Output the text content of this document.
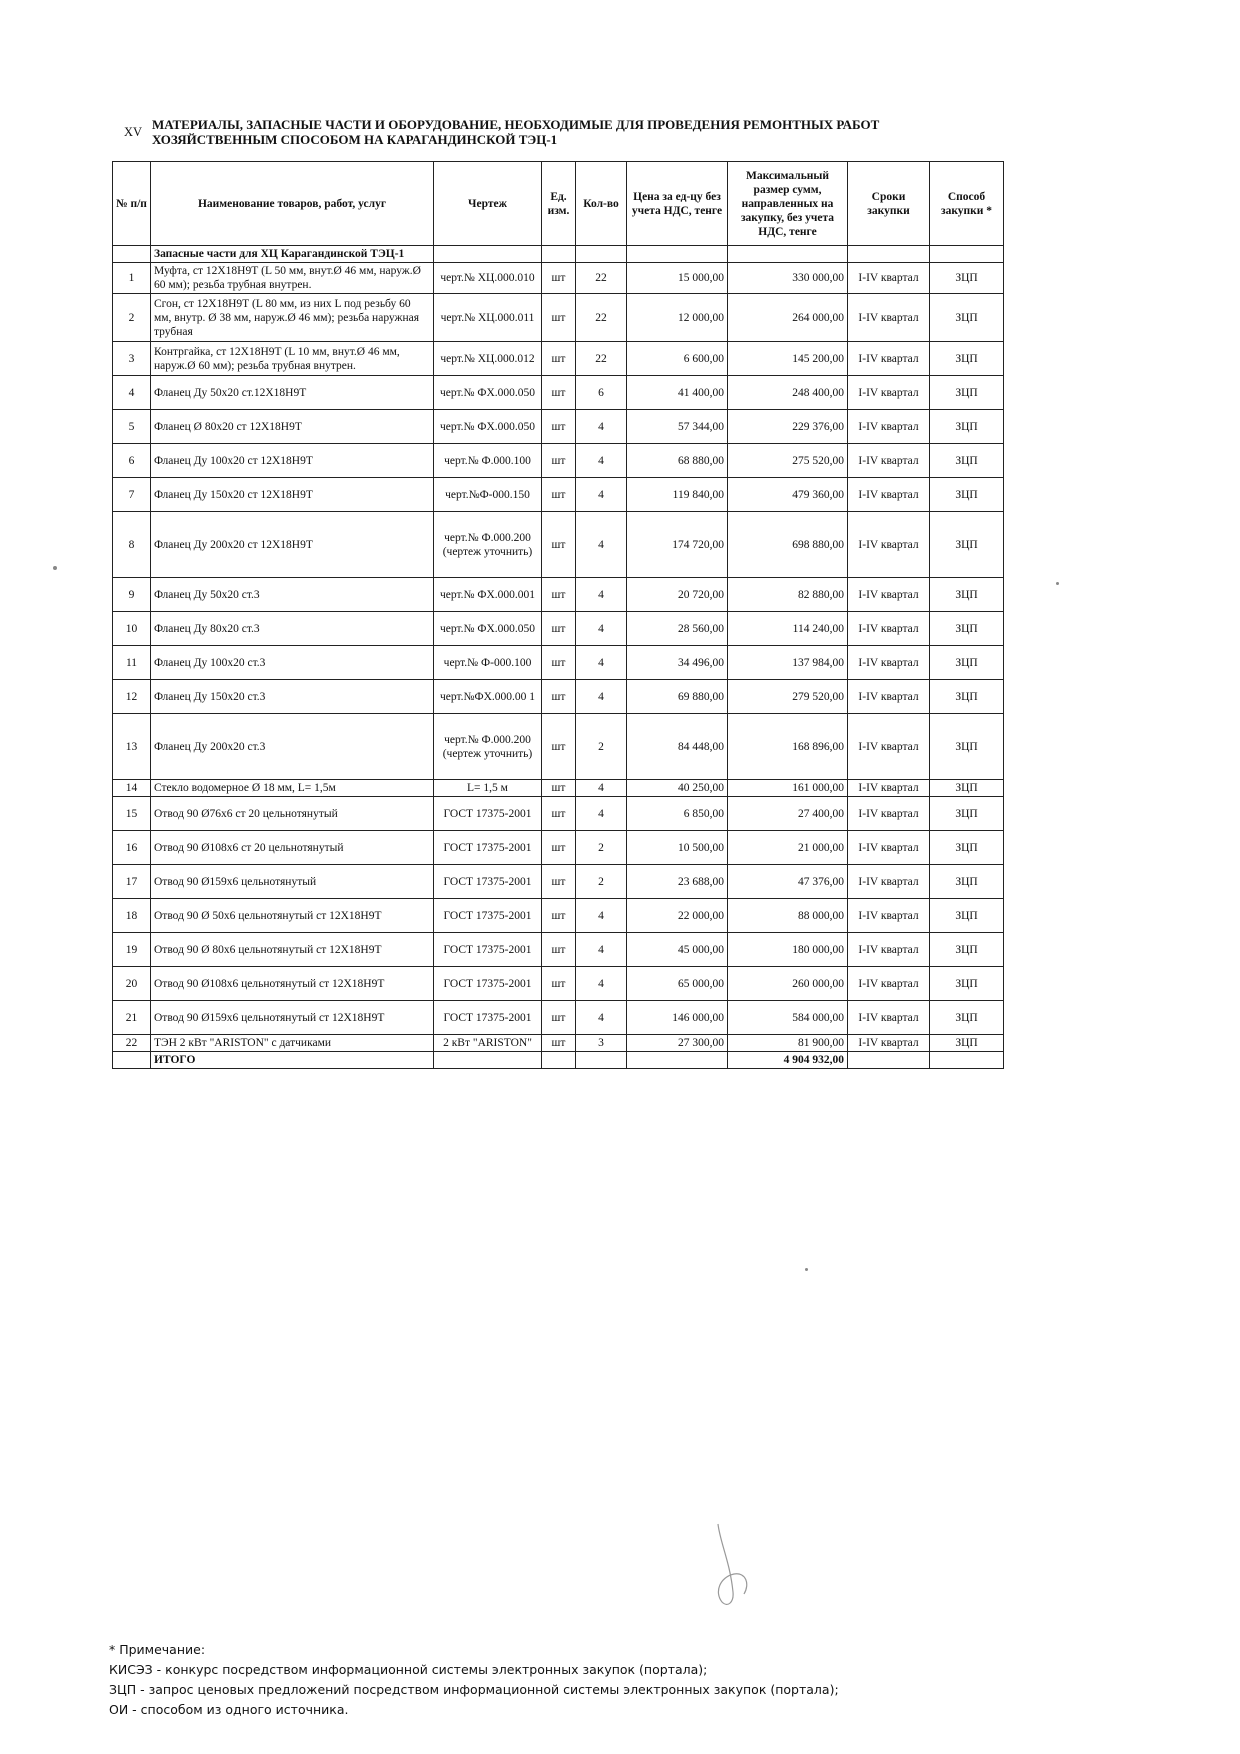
XV МАТЕРИАЛЫ, ЗАПАСНЫЕ ЧАСТИ И ОБОРУДОВАНИЕ, НЕОБХОДИМЫЕ ДЛЯ ПРОВЕДЕНИЯ РЕМОНТНЫХ РАБОТ
ХОЗЯЙСТВЕННЫМ СПОСОБОМ НА КАРАГАНДИНСКОЙ ТЭЦ-1
№ п/п	Наименование товаров, работ, услуг	Чертеж	Ед. изм.	Кол-во	Цена за ед-цу без учета НДС, тенге	Максимальный размер сумм, направленных на закупку, без учета НДС, тенге	Сроки закупки	Способ закупки *
	Запасные части для ХЦ Карагандинской ТЭЦ-1							
1	Муфта, ст 12Х18Н9Т (L 50 мм, внут.Ø 46 мм, наруж.Ø 60 мм); резьба трубная внутрен.	черт.№ ХЦ.000.010	шт	22	15 000,00	330 000,00	I-IV квартал	ЗЦП
2	Сгон, ст 12Х18Н9Т (L 80 мм, из них L под резьбу 60 мм, внутр. Ø 38 мм, наруж.Ø 46 мм); резьба наружная трубная	черт.№ ХЦ.000.011	шт	22	12 000,00	264 000,00	I-IV квартал	ЗЦП
3	Контргайка, ст 12Х18Н9Т (L 10 мм, внут.Ø 46 мм, наруж.Ø 60 мм); резьба трубная внутрен.	черт.№ ХЦ.000.012	шт	22	6 600,00	145 200,00	I-IV квартал	ЗЦП
4	Фланец Ду 50х20 ст.12Х18Н9Т	черт.№ ФХ.000.050	шт	6	41 400,00	248 400,00	I-IV квартал	ЗЦП
5	Фланец Ø 80х20 ст 12Х18Н9Т	черт.№ ФХ.000.050	шт	4	57 344,00	229 376,00	I-IV квартал	ЗЦП
6	Фланец Ду 100х20 ст 12Х18Н9Т	черт.№ Ф.000.100	шт	4	68 880,00	275 520,00	I-IV квартал	ЗЦП
7	Фланец Ду 150х20 ст 12Х18Н9Т	черт.№Ф-000.150	шт	4	119 840,00	479 360,00	I-IV квартал	ЗЦП
8	Фланец Ду 200х20 ст 12Х18Н9Т	черт.№ Ф.000.200 (чертеж уточнить)	шт	4	174 720,00	698 880,00	I-IV квартал	ЗЦП
9	Фланец Ду 50х20 ст.3	черт.№ ФХ.000.001	шт	4	20 720,00	82 880,00	I-IV квартал	ЗЦП
10	Фланец Ду 80х20 ст.3	черт.№ ФХ.000.050	шт	4	28 560,00	114 240,00	I-IV квартал	ЗЦП
11	Фланец Ду 100х20 ст.3	черт.№ Ф-000.100	шт	4	34 496,00	137 984,00	I-IV квартал	ЗЦП
12	Фланец Ду 150х20 ст.3	черт.№ФХ.000.00 1	шт	4	69 880,00	279 520,00	I-IV квартал	ЗЦП
13	Фланец Ду 200х20 ст.3	черт.№ Ф.000.200 (чертеж уточнить)	шт	2	84 448,00	168 896,00	I-IV квартал	ЗЦП
14	Стекло водомерное Ø 18 мм, L= 1,5м	L= 1,5 м	шт	4	40 250,00	161 000,00	I-IV квартал	ЗЦП
15	Отвод 90 Ø76х6 ст 20 цельнотянутый	ГОСТ 17375-2001	шт	4	6 850,00	27 400,00	I-IV квартал	ЗЦП
16	Отвод 90 Ø108х6 ст 20 цельнотянутый	ГОСТ 17375-2001	шт	2	10 500,00	21 000,00	I-IV квартал	ЗЦП
17	Отвод 90 Ø159х6 цельнотянутый	ГОСТ 17375-2001	шт	2	23 688,00	47 376,00	I-IV квартал	ЗЦП
18	Отвод 90 Ø 50х6 цельнотянутый ст 12Х18Н9Т	ГОСТ 17375-2001	шт	4	22 000,00	88 000,00	I-IV квартал	ЗЦП
19	Отвод 90 Ø 80х6 цельнотянутый ст 12Х18Н9Т	ГОСТ 17375-2001	шт	4	45 000,00	180 000,00	I-IV квартал	ЗЦП
20	Отвод 90 Ø108х6 цельнотянутый ст 12Х18Н9Т	ГОСТ 17375-2001	шт	4	65 000,00	260 000,00	I-IV квартал	ЗЦП
21	Отвод 90 Ø159х6 цельнотянутый ст 12Х18Н9Т	ГОСТ 17375-2001	шт	4	146 000,00	584 000,00	I-IV квартал	ЗЦП
22	ТЭН 2 кВт "ARISTON" с датчиками	2 кВт "ARISTON"	шт	3	27 300,00	81 900,00	I-IV квартал	ЗЦП
	ИТОГО					4 904 932,00		
* Примечание:
КИСЭЗ - конкурс посредством информационной системы электронных закупок (портала);
ЗЦП - запрос ценовых предложений посредством информационной системы электронных закупок (портала);
ОИ - способом из одного источника.
